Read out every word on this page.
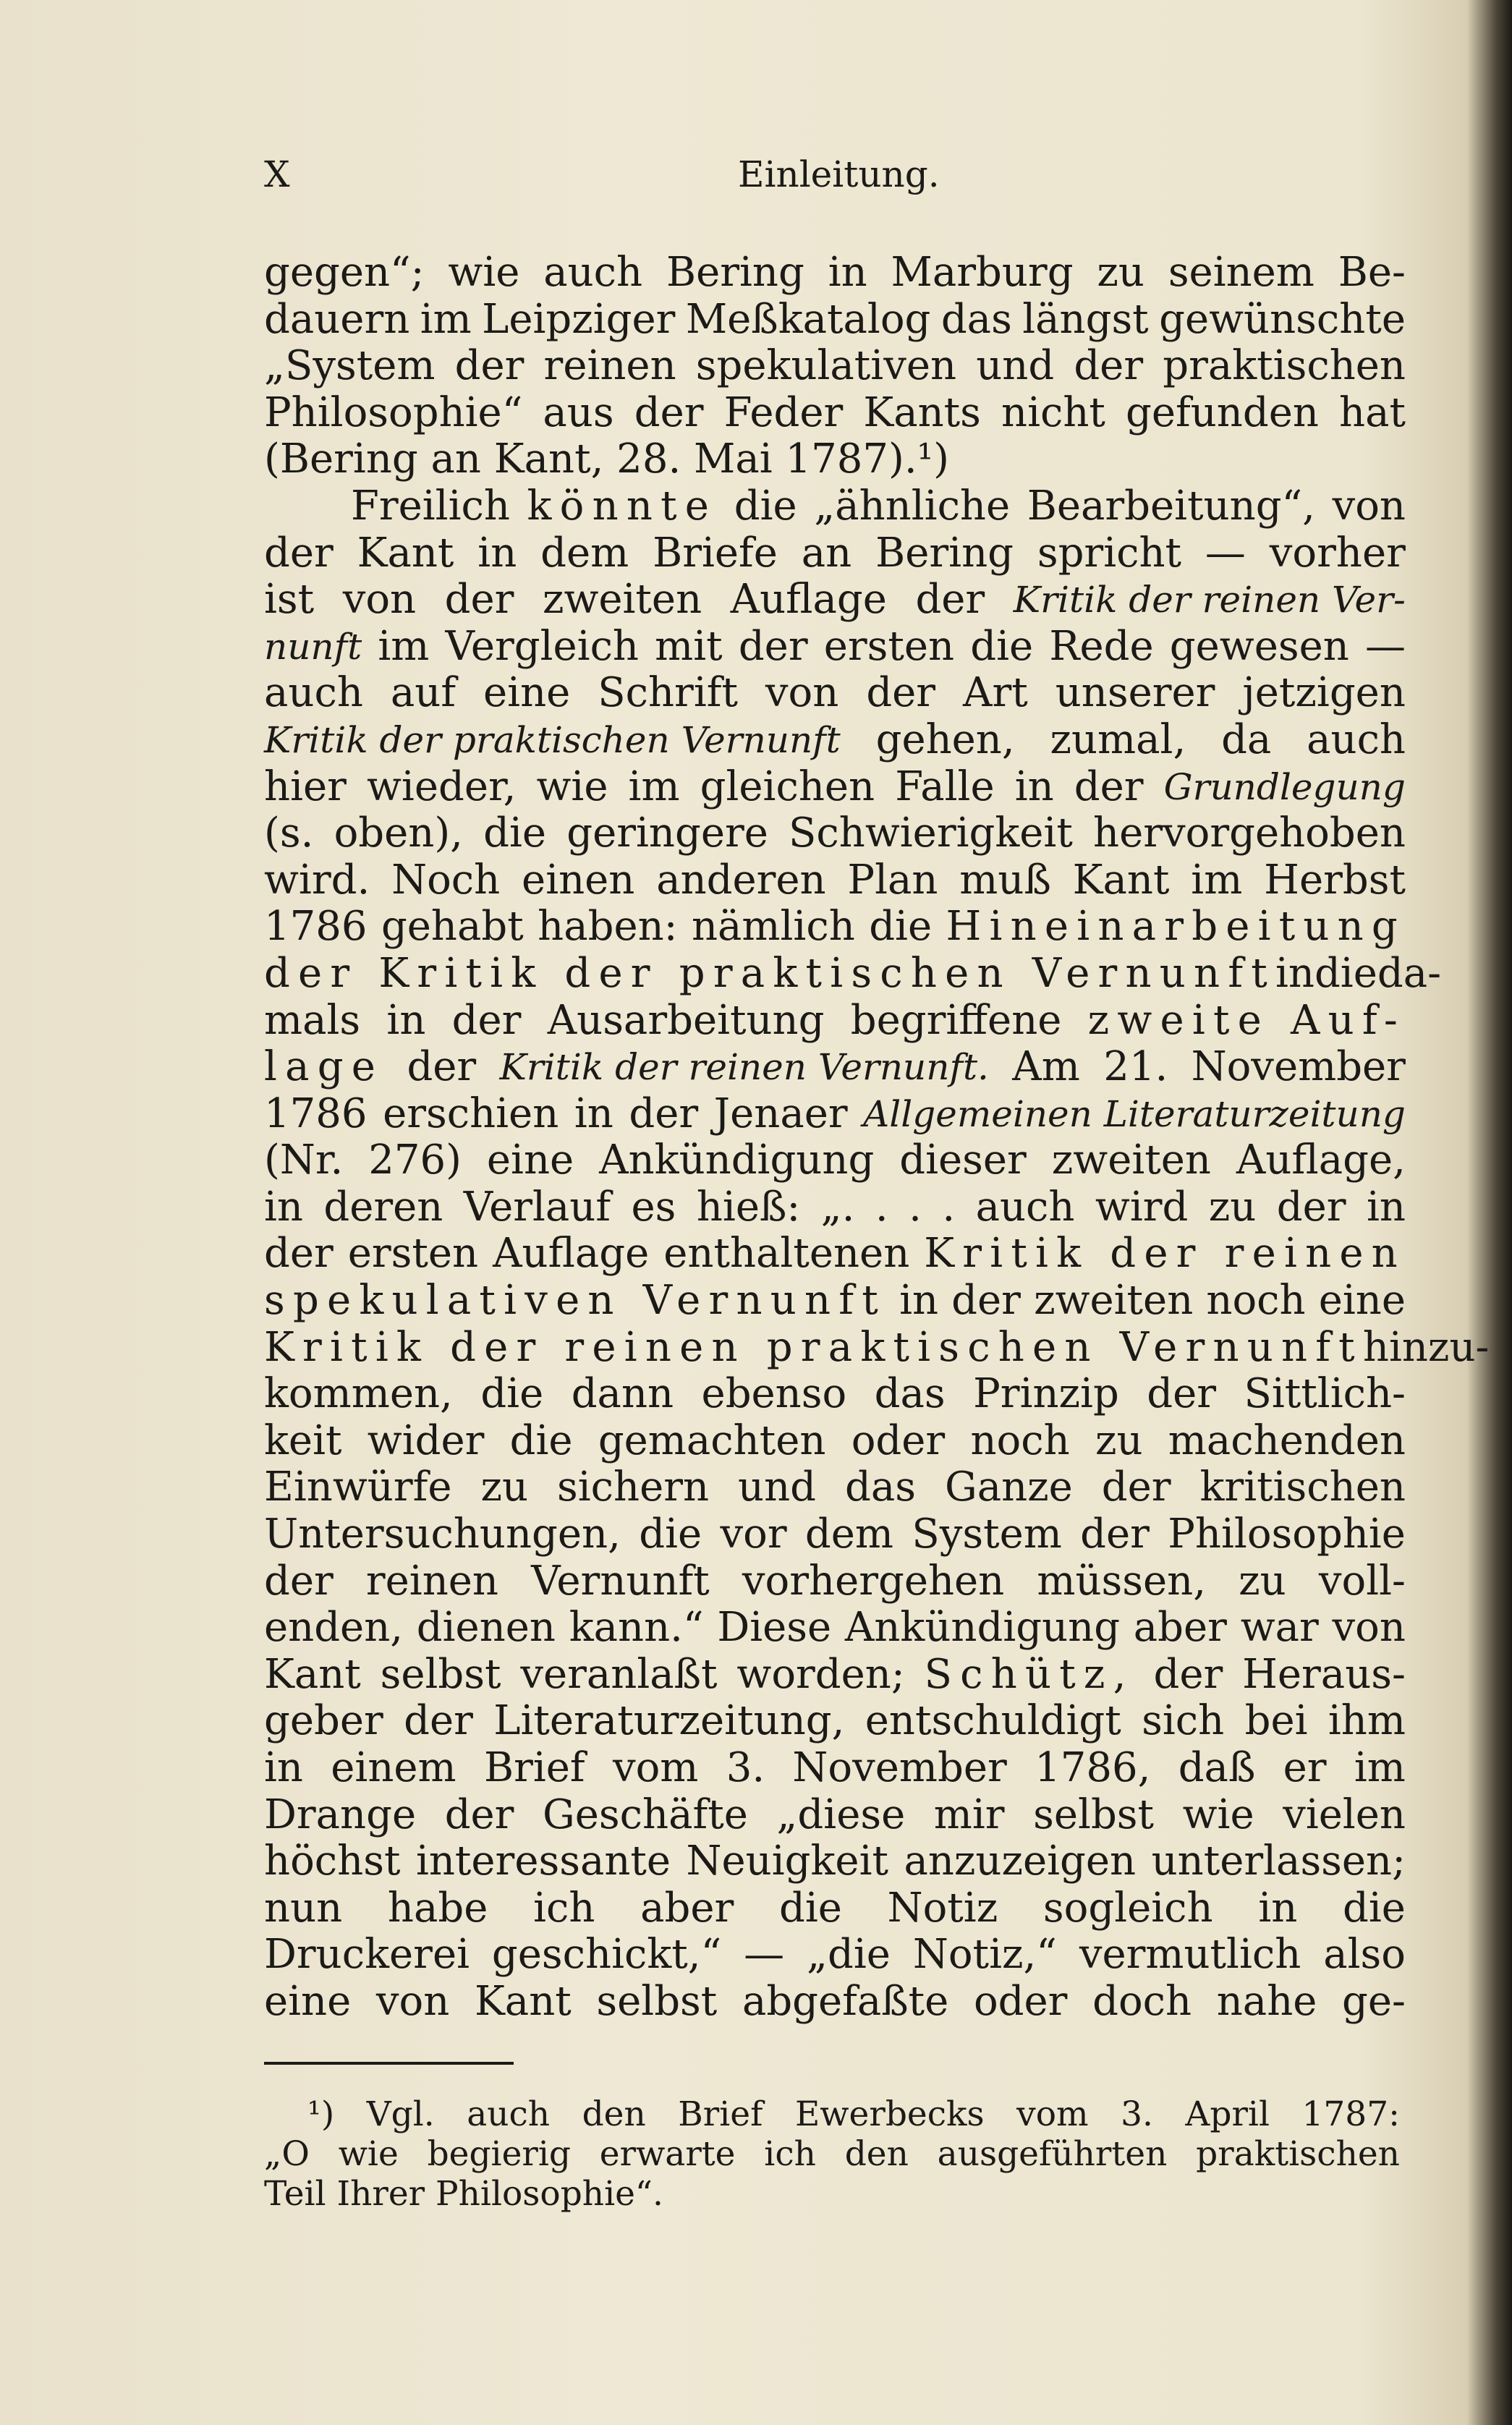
X	Einleitung.
gegen“; wie auch Bering in Marburg zu seinem Be-
dauern im Leipziger Meßkatalog das längst gewünschte
„System der reinen spekulativen und der praktischen
Philosophie“ aus der Feder Kants nicht gefunden hat
(Bering an Kant, 28. Mai 1787).¹)
Freilich könnte die „ähnliche Bearbeitung“, von
der Kant in dem Briefe an Bering spricht — vorher
ist von der zweiten Auflage der Kritik der reinen Ver-
nunft im Vergleich mit der ersten die Rede gewesen —
auch auf eine Schrift von der Art unserer jetzigen
Kritik der praktischen Vernunft gehen, zumal, da auch
hier wieder, wie im gleichen Falle in der Grundlegung
(s. oben), die geringere Schwierigkeit hervorgehoben
wird. Noch einen anderen Plan muß Kant im Herbst
1786 gehabt haben: nämlich die Hineinarbeitung
der Kritik der praktischen Vernunft in die da-
mals in der Ausarbeitung begriffene zweite Auf-
lage der Kritik der reinen Vernunft. Am 21. November
1786 erschien in der Jenaer Allgemeinen Literaturzeitung
(Nr. 276) eine Ankündigung dieser zweiten Auflage,
in deren Verlauf es hieß: „. . . . auch wird zu der in
der ersten Auflage enthaltenen Kritik der reinen
spekulativen Vernunft in der zweiten noch eine
Kritik der reinen praktischen Vernunft hinzu-
kommen, die dann ebenso das Prinzip der Sittlich-
keit wider die gemachten oder noch zu machenden
Einwürfe zu sichern und das Ganze der kritischen
Untersuchungen, die vor dem System der Philosophie
der reinen Vernunft vorhergehen müssen, zu voll-
enden, dienen kann.“ Diese Ankündigung aber war von
Kant selbst veranlaßt worden; Schütz, der Heraus-
geber der Literaturzeitung, entschuldigt sich bei ihm
in einem Brief vom 3. November 1786, daß er im
Drange der Geschäfte „diese mir selbst wie vielen
höchst interessante Neuigkeit anzuzeigen unterlassen;
nun habe ich aber die Notiz sogleich in die
Druckerei geschickt,“ — „die Notiz,“ vermutlich also
eine von Kant selbst abgefaßte oder doch nahe ge-
¹) Vgl. auch den Brief Ewerbecks vom 3. April 1787:
„O wie begierig erwarte ich den ausgeführten praktischen
Teil Ihrer Philosophie“.
